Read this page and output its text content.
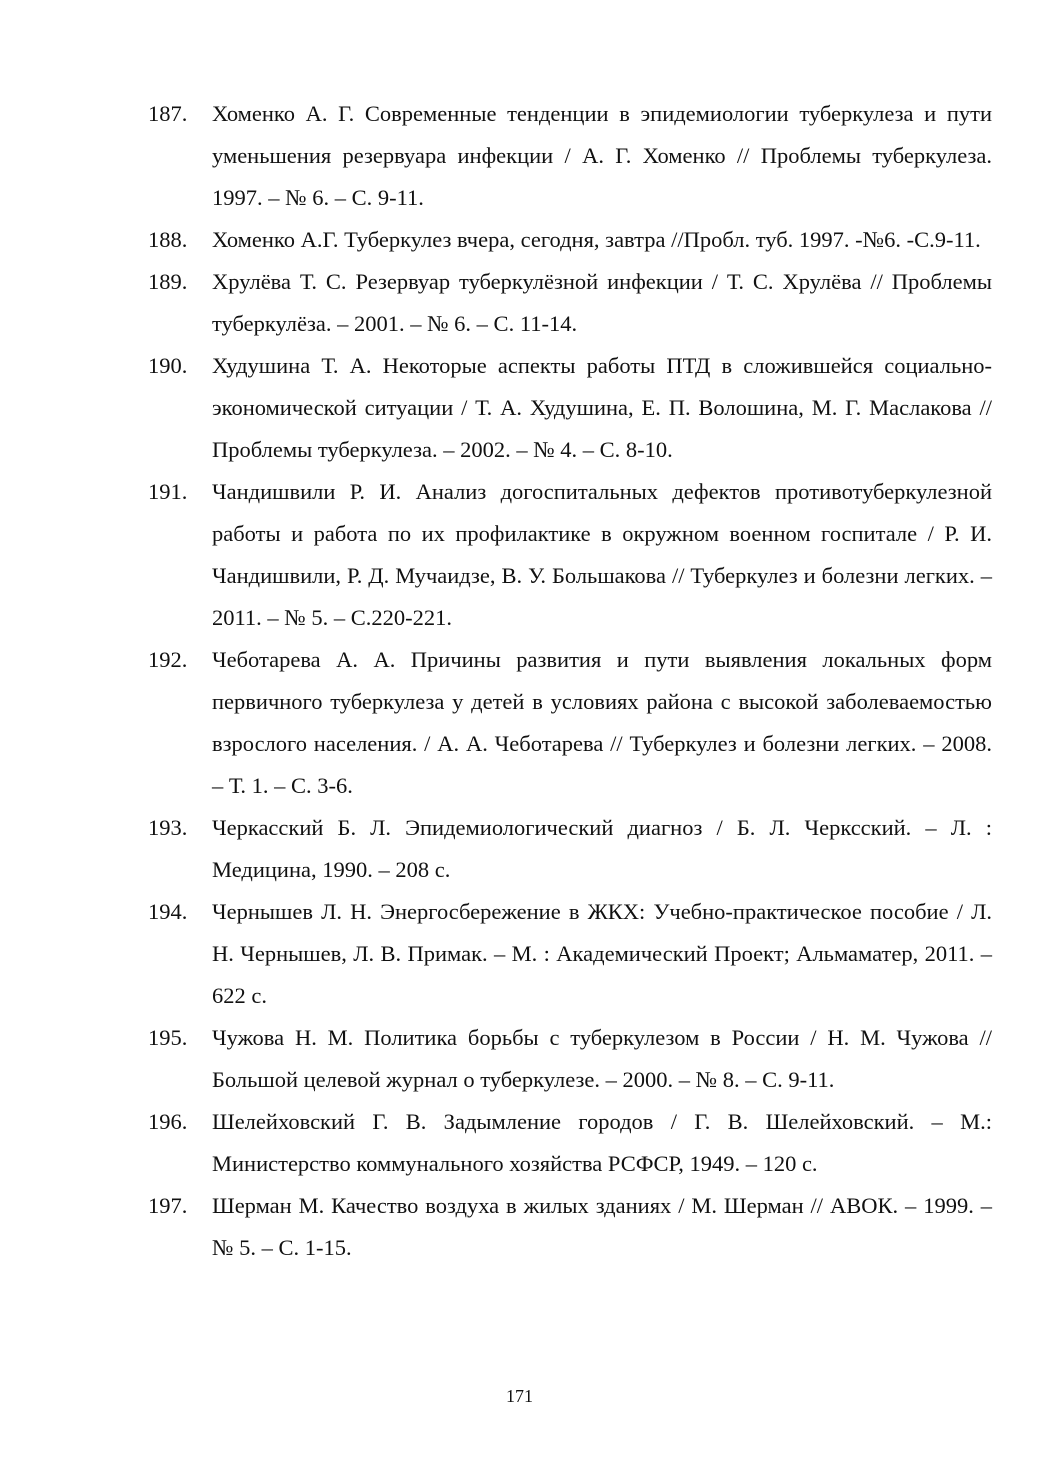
187.	Хоменко А. Г. Современные тенденции в эпидемиологии туберкулеза и пути уменьшения резервуара инфекции / А. Г. Хоменко // Проблемы туберкулеза. 1997. – № 6. – С. 9-11.
188.	Хоменко А.Г. Туберкулез вчера, сегодня, завтра //Пробл. туб. 1997. -№6. -С.9-11.
189.	Хрулёва Т. С. Резервуар туберкулёзной инфекции / Т. С. Хрулёва // Проблемы туберкулёза. – 2001. – № 6. – С. 11-14.
190.	Худушина Т. А. Некоторые аспекты работы ПТД в сложившейся социально-экономической ситуации / Т. А. Худушина, Е. П. Волошина, М. Г. Маслакова // Проблемы туберкулеза. – 2002. – № 4. – С. 8-10.
191.	Чандишвили Р. И. Анализ догоспитальных дефектов противотуберкулезной работы и работа по их профилактике в окружном военном госпитале / Р. И. Чандишвили, Р. Д. Мучаидзе, В. У. Большакова // Туберкулез и болезни легких. – 2011. – № 5. – С.220-221.
192.	Чеботарева А. А. Причины развития и пути выявления локальных форм первичного туберкулеза у детей в условиях района с высокой заболеваемостью взрослого населения. / А. А. Чеботарева // Туберкулез и болезни легких. – 2008. – Т. 1. – С. 3-6.
193.	Черкасский Б. Л. Эпидемиологический диагноз / Б. Л. Черксский. – Л. : Медицина, 1990. – 208 с.
194.	Чернышев Л. Н. Энергосбережение в ЖКХ: Учебно-практическое пособие / Л. Н. Чернышев, Л. В. Примак. – М. : Академический Проект; Альмаматер, 2011. – 622 с.
195.	Чужова Н. М. Политика борьбы с туберкулезом в России / Н. М. Чужова // Большой целевой журнал о туберкулезе. – 2000. – № 8. – С. 9-11.
196.	Шелейховский Г. В. Задымление городов / Г. В. Шелейховский. – М.: Министерство коммунального хозяйства РСФСР, 1949. – 120 с.
197.	Шерман М. Качество воздуха в жилых зданиях / М. Шерман // АВОК. – 1999. – № 5. – С. 1-15.
171
